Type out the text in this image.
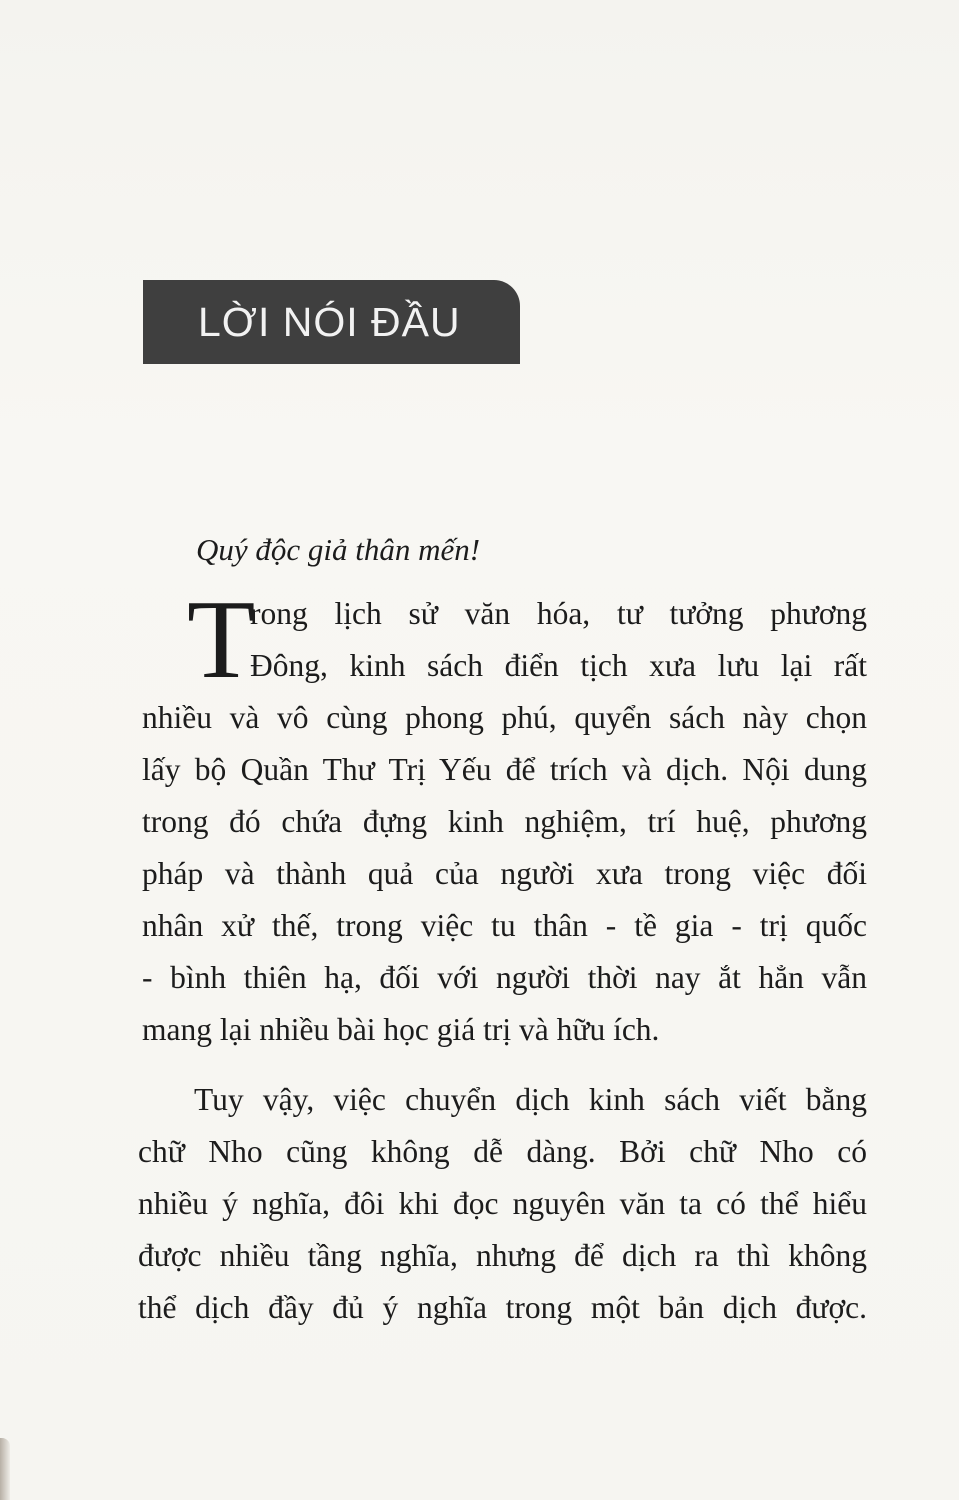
LỜI NÓI ĐẦU
Quý độc giả thân mến!
T
rong lịch sử văn hóa, tư tưởng phương
Đông, kinh sách điển tịch xưa lưu lại rất
nhiều và vô cùng phong phú, quyển sách này chọn
lấy bộ Quần Thư Trị Yếu để trích và dịch. Nội dung
trong đó chứa đựng kinh nghiệm, trí huệ, phương
pháp và thành quả của người xưa trong việc đối
nhân xử thế, trong việc tu thân - tề gia - trị quốc
- bình thiên hạ, đối với người thời nay ắt hẳn vẫn
mang lại nhiều bài học giá trị và hữu ích.
Tuy vậy, việc chuyển dịch kinh sách viết bằng
chữ Nho cũng không dễ dàng. Bởi chữ Nho có
nhiều ý nghĩa, đôi khi đọc nguyên văn ta có thể hiểu
được nhiều tầng nghĩa, nhưng để dịch ra thì không
thể dịch đầy đủ ý nghĩa trong một bản dịch được.
